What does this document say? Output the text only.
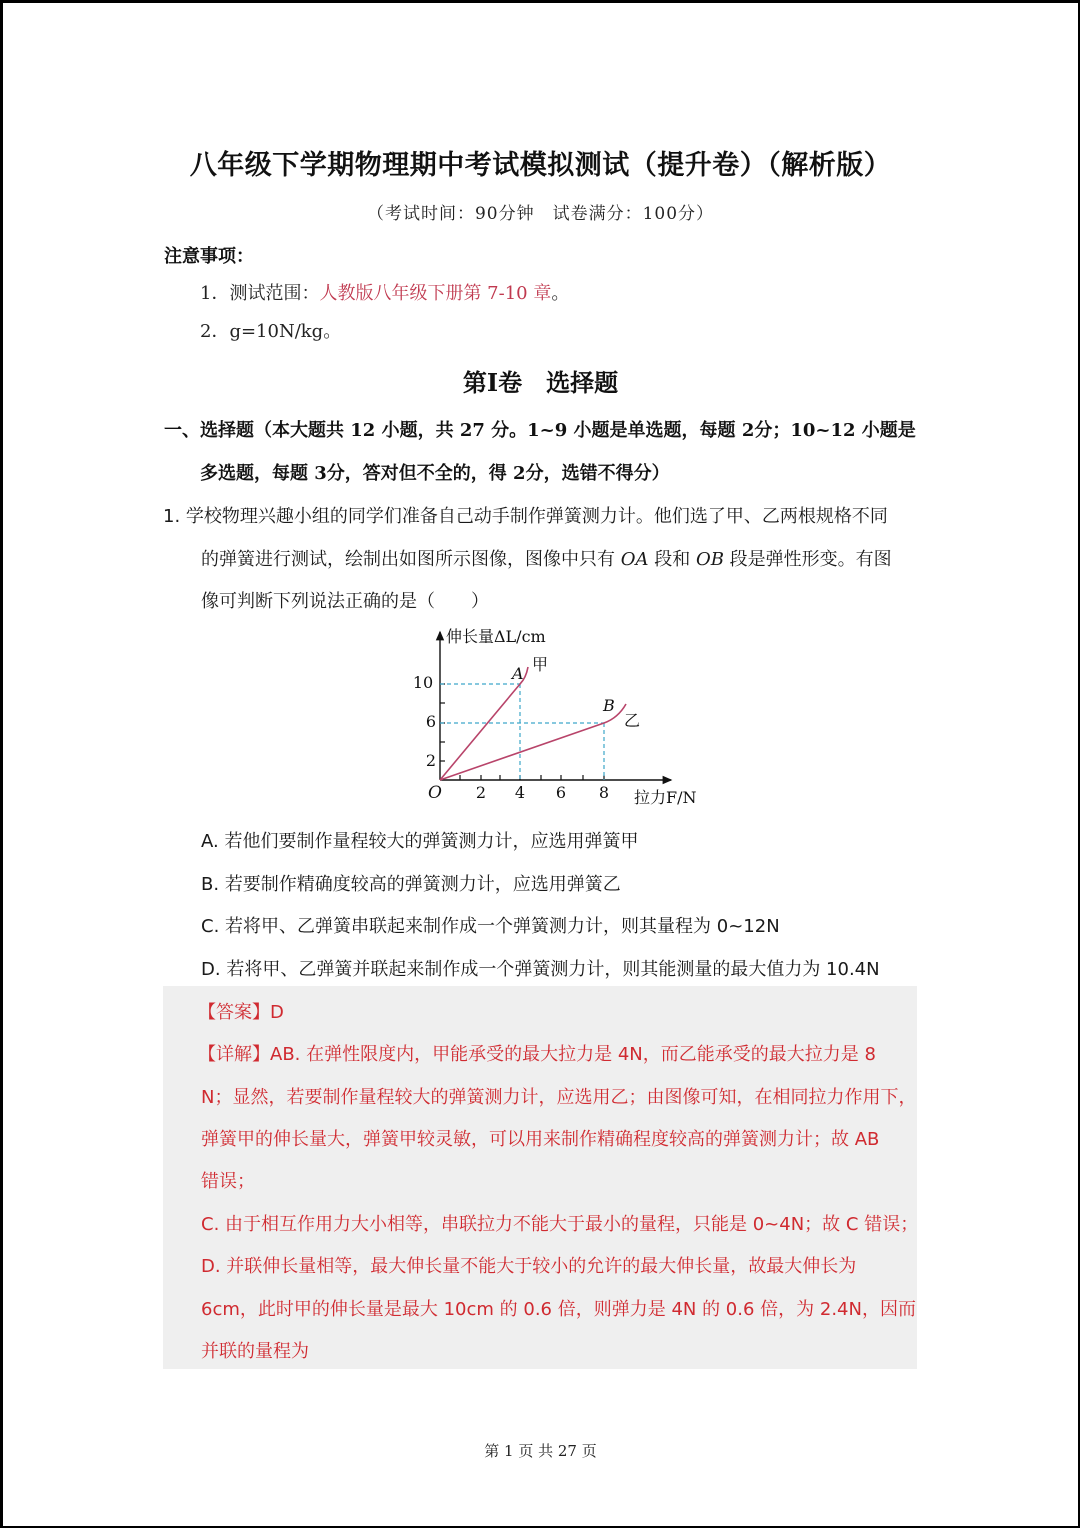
八年级下学期物理期中考试模拟测试（提升卷）（解析版）
（考试时间：90分钟　试卷满分：100分）
注意事项：
1．测试范围：人教版八年级下册第 7-10 章。
2．g=10N/kg。
第Ⅰ卷　选择题
一、选择题（本大题共 12 小题，共 27 分。1~9 小题是单选题，每题 2分；10~12 小题是
多选题，每题 3分，答对但不全的，得 2分，选错不得分）
1. 学校物理兴趣小组的同学们准备自己动手制作弹簧测力计。他们选了甲、乙两根规格不同
的弹簧进行测试，绘制出如图所示图像，图像中只有 OA 段和 OB 段是弹性形变。有图
像可判断下列说法正确的是（　　）
10
6
2
2 4 6 8
O
伸长量ΔL/cm
拉力F/N
A 甲
B
乙
A. 若他们要制作量程较大的弹簧测力计，应选用弹簧甲
B. 若要制作精确度较高的弹簧测力计，应选用弹簧乙
C. 若将甲、乙弹簧串联起来制作成一个弹簧测力计，则其量程为 0~12N
D. 若将甲、乙弹簧并联起来制作成一个弹簧测力计，则其能测量的最大值力为 10.4N
【答案】D
【详解】AB. 在弹性限度内，甲能承受的最大拉力是 4N，而乙能承受的最大拉力是 8
N；显然，若要制作量程较大的弹簧测力计，应选用乙；由图像可知，在相同拉力作用下，
弹簧甲的伸长量大，弹簧甲较灵敏，可以用来制作精确程度较高的弹簧测力计；故 AB
错误；
C. 由于相互作用力大小相等，串联拉力不能大于最小的量程，只能是 0~4N；故 C 错误；
D. 并联伸长量相等，最大伸长量不能大于较小的允许的最大伸长量，故最大伸长为
6cm，此时甲的伸长量是最大 10cm 的 0.6 倍，则弹力是 4N 的 0.6 倍，为 2.4N，因而
并联的量程为
第 1 页 共 27 页
